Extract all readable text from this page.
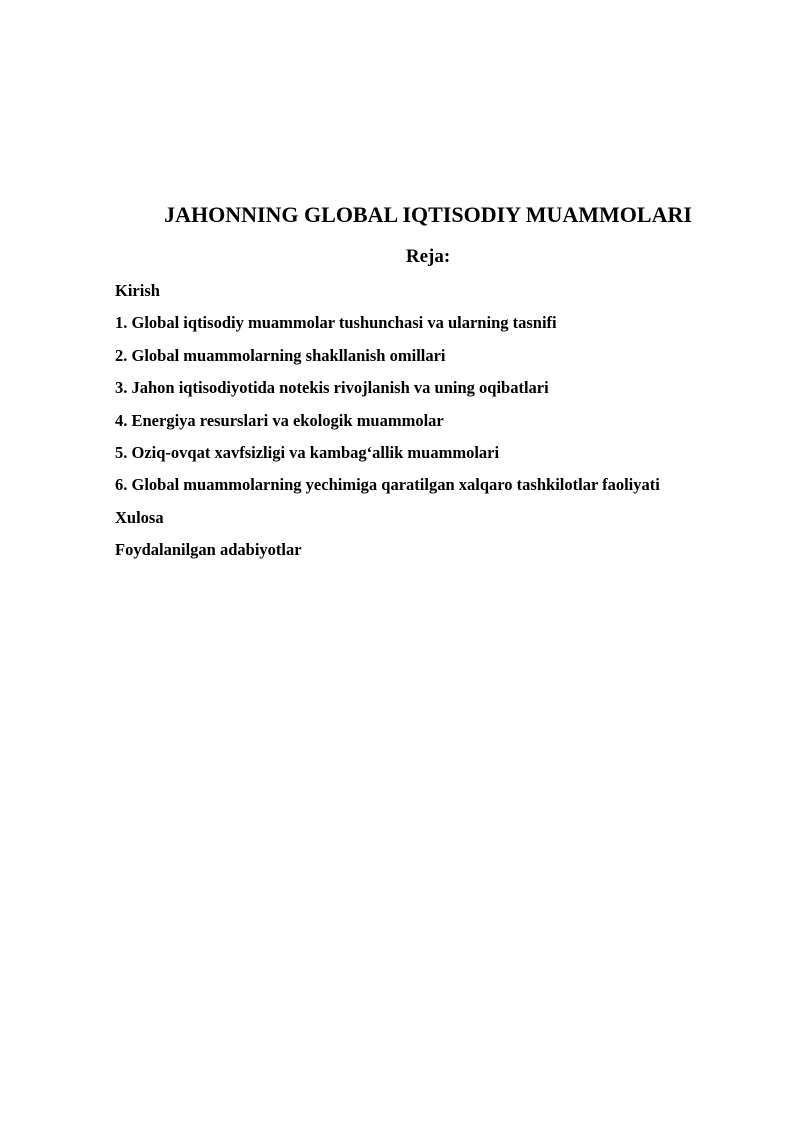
JAHONNING GLOBAL IQTISODIY MUAMMOLARI
Reja:
Kirish
1. Global iqtisodiy muammolar tushunchasi va ularning tasnifi
2. Global muammolarning shakllanish omillari
3. Jahon iqtisodiyotida notekis rivojlanish va uning oqibatlari
4. Energiya resurslari va ekologik muammolar
5. Oziq-ovqat xavfsizligi va kambag‘allik muammolari
6. Global muammolarning yechimiga qaratilgan xalqaro tashkilotlar faoliyati
Xulosa
Foydalanilgan adabiyotlar
